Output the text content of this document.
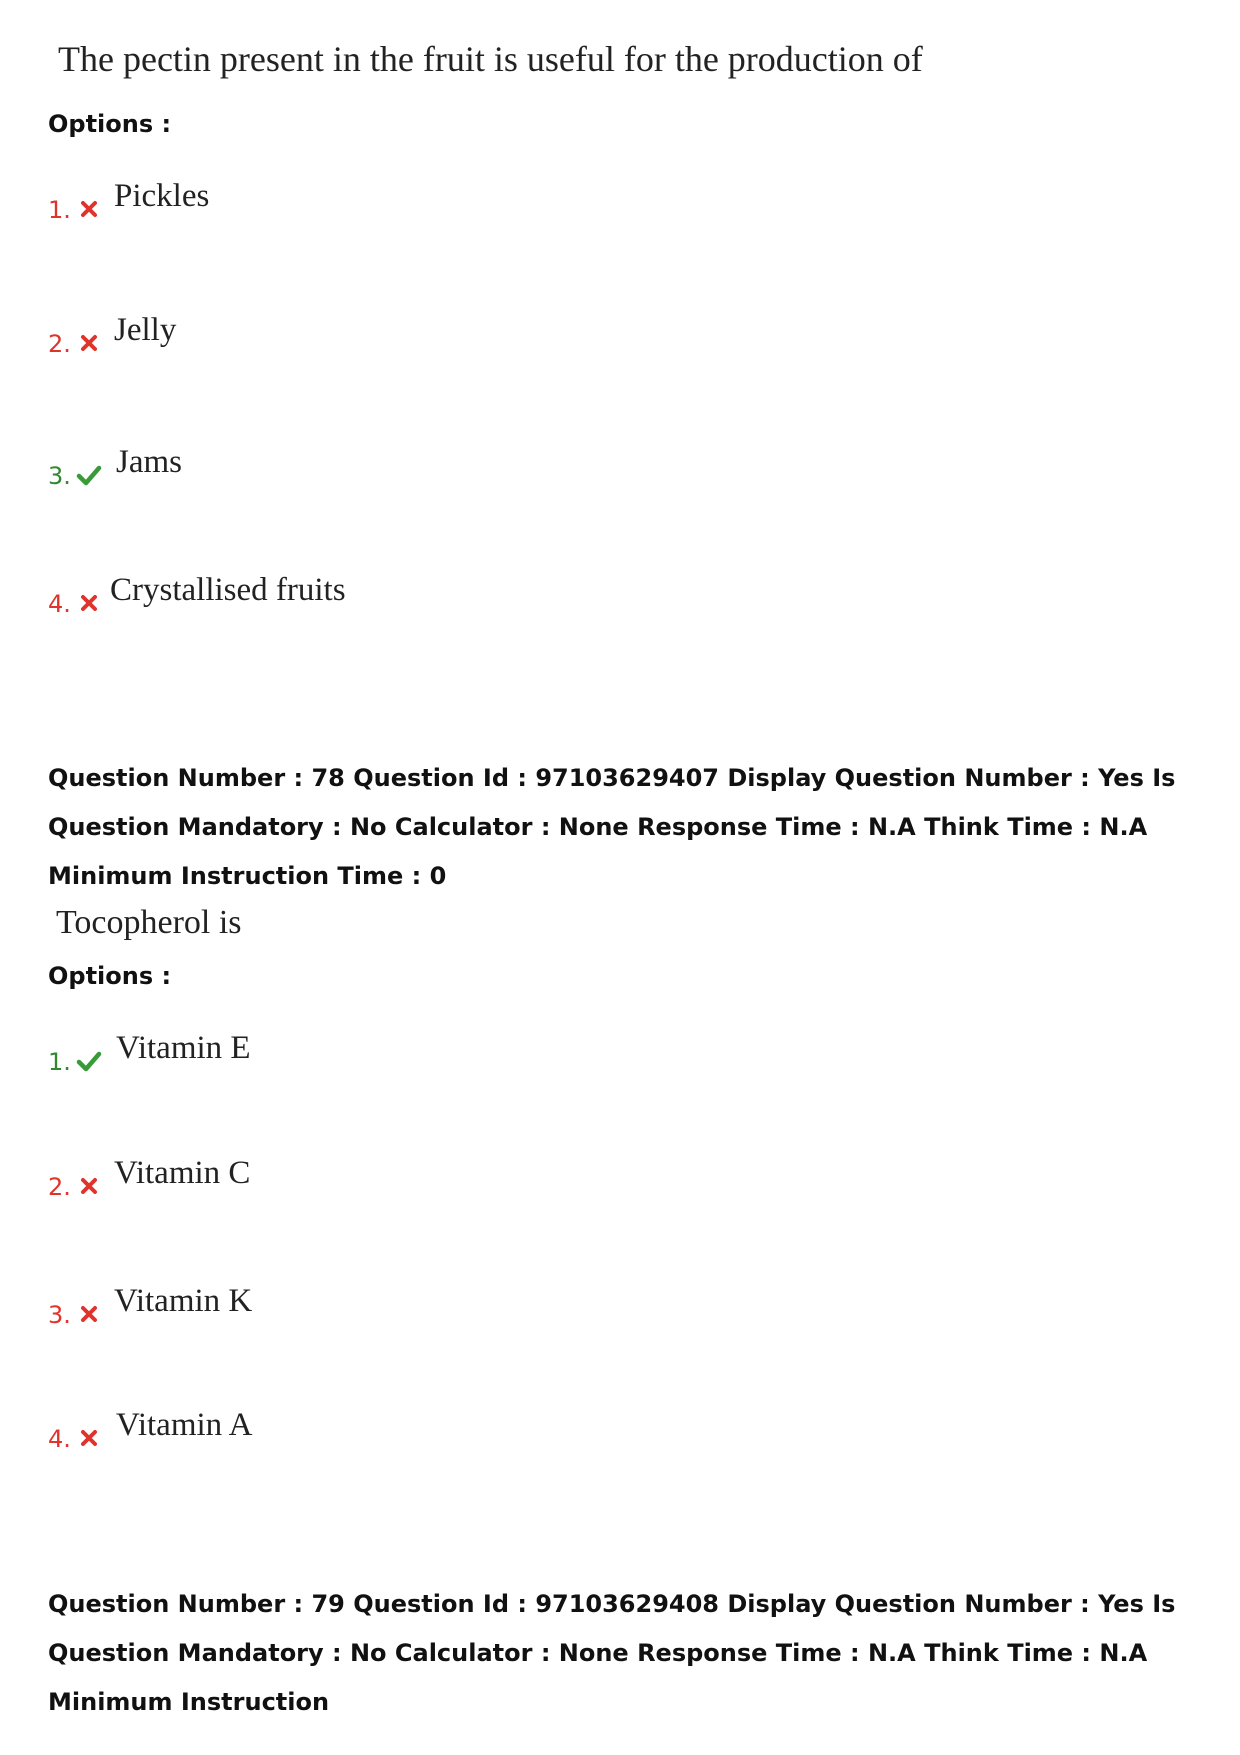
The pectin present in the fruit is useful for the production of
Options :
1. Pickles
2. Jelly
3. Jams
4. Crystallised fruits
Question Number : 78 Question Id : 97103629407 Display Question Number : Yes Is Question Mandatory : No Calculator : None Response Time : N.A Think Time : N.A Minimum Instruction Time : 0
Tocopherol is
Options :
1. Vitamin E
2. Vitamin C
3. Vitamin K
4. Vitamin A
Question Number : 79 Question Id : 97103629408 Display Question Number : Yes Is Question Mandatory : No Calculator : None Response Time : N.A Think Time : N.A Minimum Instruction
